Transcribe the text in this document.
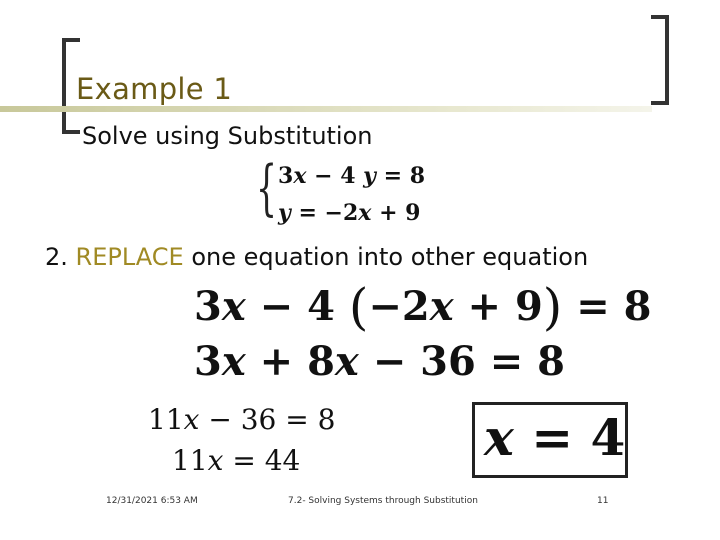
Example 1
Solve using Substitution
{ 3x − 4 y = 8
y = −2x + 9
2. REPLACE one equation into other equation
3x − 4 (−2x + 9) = 8
3x + 8x − 36 = 8
11x − 36 = 8
11x = 44	x = 4
12/31/2021 6:53 AM	7.2- Solving Systems through Substitution	11
